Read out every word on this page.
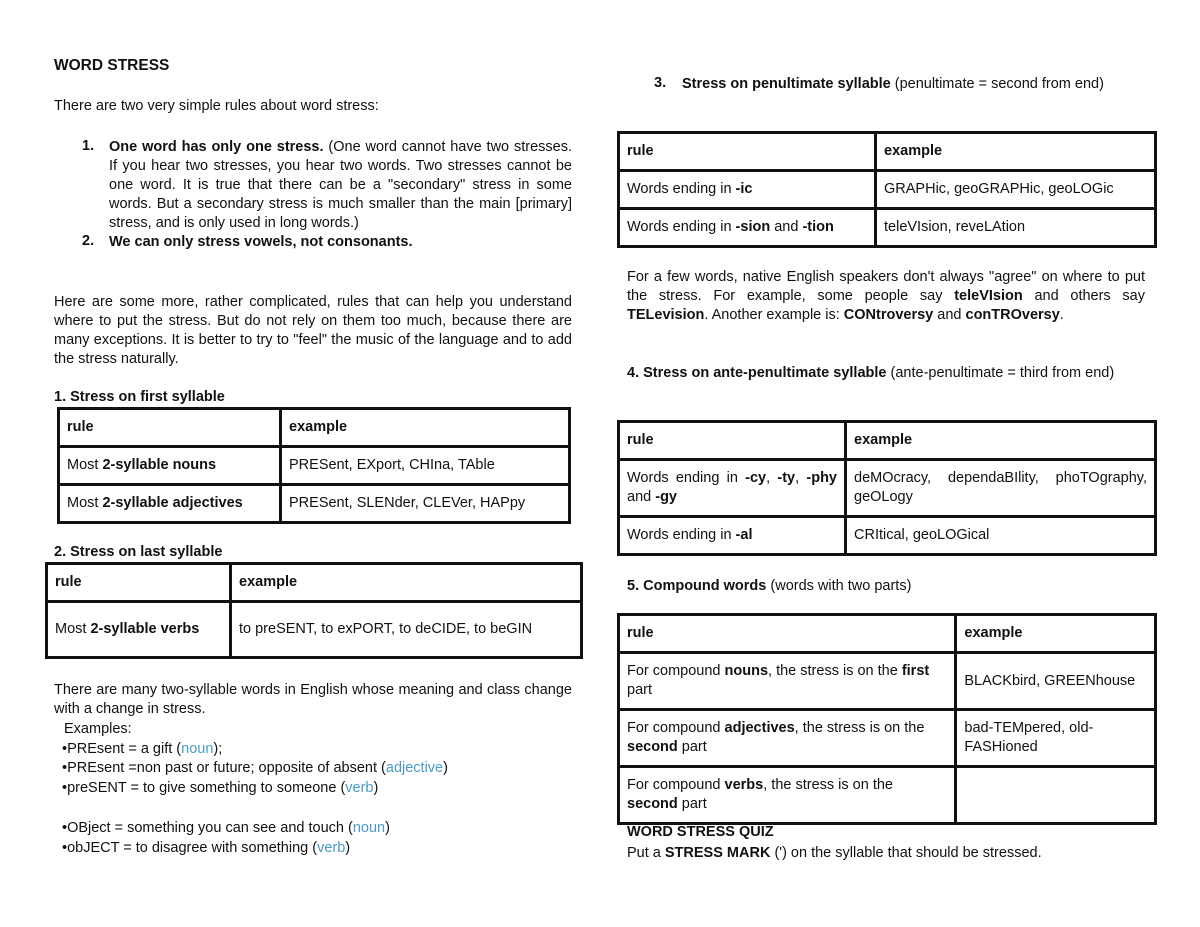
WORD STRESS

There are two very simple rules about word stress:

1. One word has only one stress. (One word cannot have two stresses. If you hear two stresses, you hear two words. Two stresses cannot be one word. It is true that there can be a "secondary" stress in some words. But a secondary stress is much smaller than the main [primary] stress, and is only used in long words.)

2. We can only stress vowels, not consonants.

Here are some more, rather complicated, rules that can help you understand where to put the stress. But do not rely on them too much, because there are many exceptions. It is better to try to "feel" the music of the language and to add the stress naturally.

1. Stress on first syllable
rule	example
Most 2-syllable nouns	PRESent, EXport, CHIna, TAble
Most 2-syllable adjectives	PRESent, SLENder, CLEVer, HAPpy
2. Stress on last syllable
rule	example
Most 2-syllable verbs	to preSENT, to exPORT, to deCIDE, to beGIN

There are many two-syllable words in English whose meaning and class change with a change in stress.

Examples:
•PREsent = a gift (noun);
•PREsent =non past or future; opposite of absent (adjective)
•preSENT = to give something to someone (verb)
•OBject = something you can see and touch (noun)
•obJECT = to disagree with something (verb)
3.	Stress on penultimate syllable (penultimate = second from end)

rule	example
Words ending in -ic	GRAPHic, geoGRAPHic, geoLOGic
Words ending in -sion and -tion	teleVIsion, reveLAtion

For a few words, native English speakers don't always "agree" on where to put the stress. For example, some people say teleVIsion and others say TELevision. Another example is: CONtroversy and conTROversy.

4. Stress on ante-penultimate syllable (ante-penultimate = third from end)

rule	example
Words ending in -cy, -ty, -phy and -gy	deMOcracy, dependaBIlity, phoTOgraphy, geOLogy
Words ending in -al	CRItical, geoLOGical

5. Compound words (words with two parts)

rule	example
For compound nouns, the stress is on the first part	BLACKbird, GREENhouse
For compound adjectives, the stress is on the second part	bad-TEMpered, old-FASHioned
For compound verbs, the stress is on the second part	
WORD STRESS QUIZ

Put a STRESS MARK (') on the syllable that should be stressed.
